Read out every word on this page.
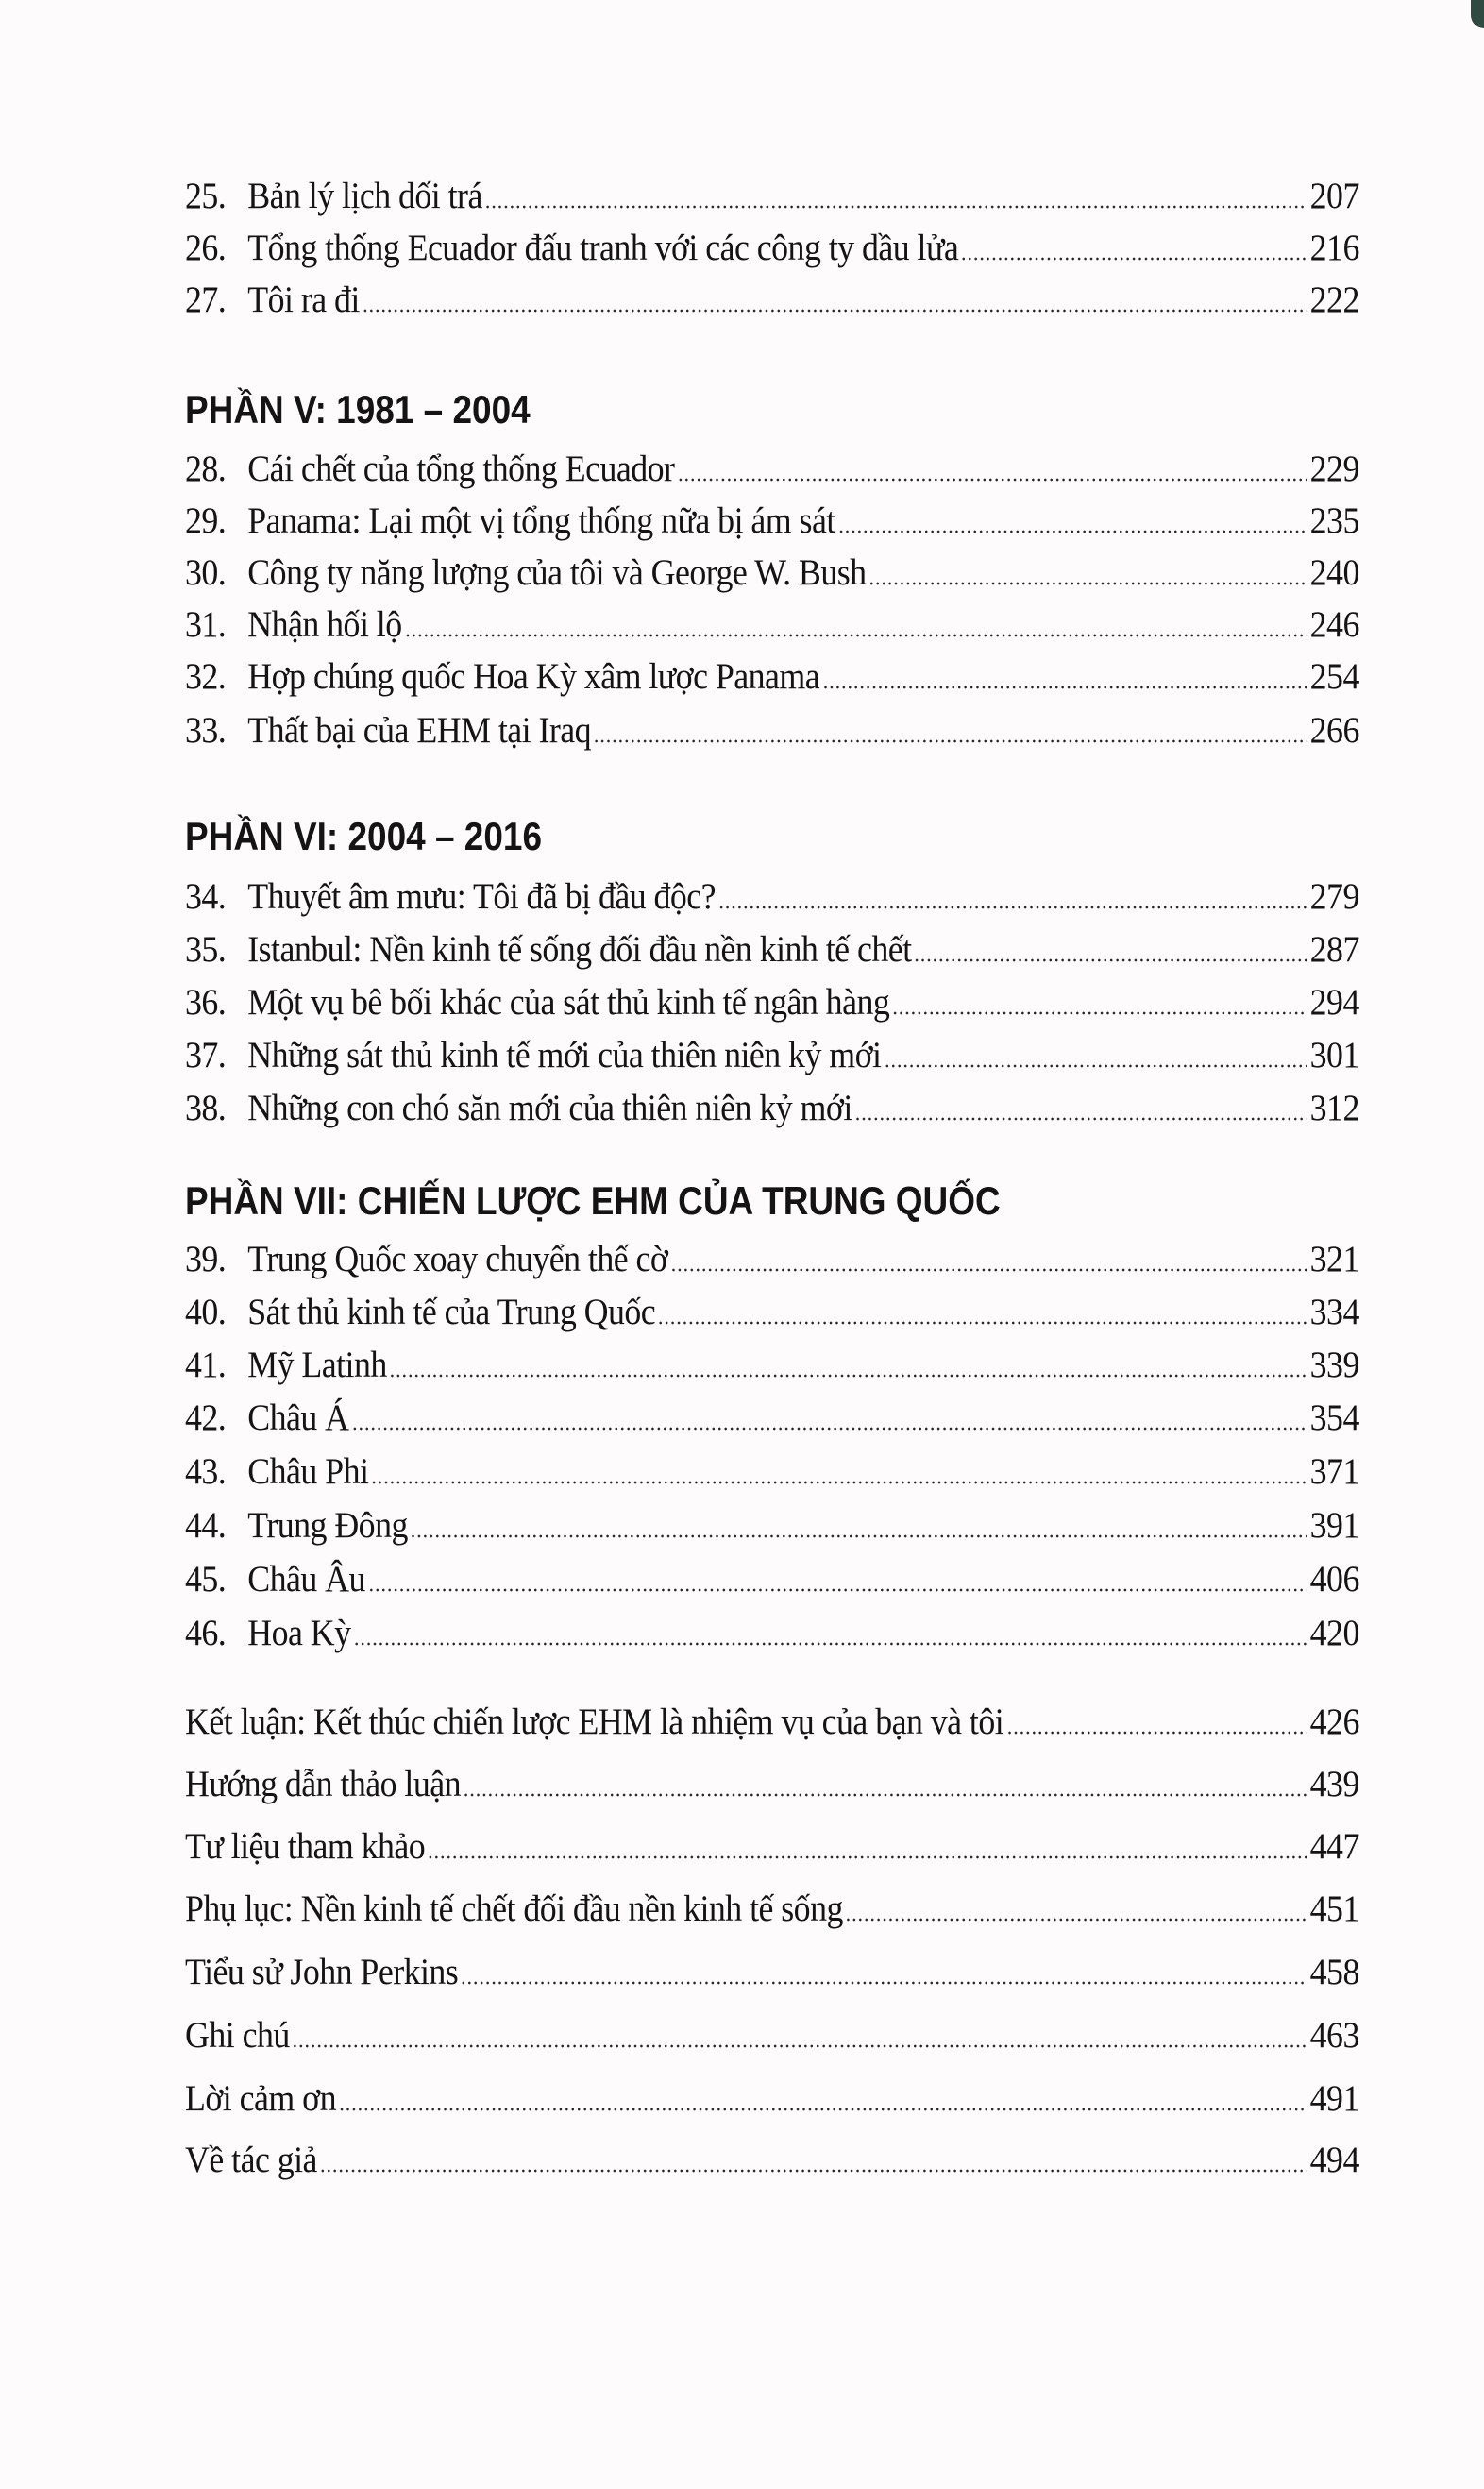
25. Bản lý lịch dối trá	207
26. Tổng thống Ecuador đấu tranh với các công ty dầu lửa	216
27. Tôi ra đi	222
PHẦN V: 1981 – 2004
28. Cái chết của tổng thống Ecuador	229
29. Panama: Lại một vị tổng thống nữa bị ám sát	235
30. Công ty năng lượng của tôi và George W. Bush	240
31. Nhận hối lộ	246
32. Hợp chúng quốc Hoa Kỳ xâm lược Panama	254
33. Thất bại của EHM tại Iraq	266
PHẦN VI: 2004 – 2016
34. Thuyết âm mưu: Tôi đã bị đầu độc?	279
35. Istanbul: Nền kinh tế sống đối đầu nền kinh tế chết	287
36. Một vụ bê bối khác của sát thủ kinh tế ngân hàng	294
37. Những sát thủ kinh tế mới của thiên niên kỷ mới	301
38. Những con chó săn mới của thiên niên kỷ mới	312
PHẦN VII: CHIẾN LƯỢC EHM CỦA TRUNG QUỐC
39. Trung Quốc xoay chuyển thế cờ	321
40. Sát thủ kinh tế của Trung Quốc	334
41. Mỹ Latinh	339
42. Châu Á	354
43. Châu Phi	371
44. Trung Đông	391
45. Châu Âu	406
46. Hoa Kỳ	420
Kết luận: Kết thúc chiến lược EHM là nhiệm vụ của bạn và tôi	426
Hướng dẫn thảo luận	439
Tư liệu tham khảo	447
Phụ lục: Nền kinh tế chết đối đầu nền kinh tế sống	451
Tiểu sử John Perkins	458
Ghi chú	463
Lời cảm ơn	491
Về tác giả	494
